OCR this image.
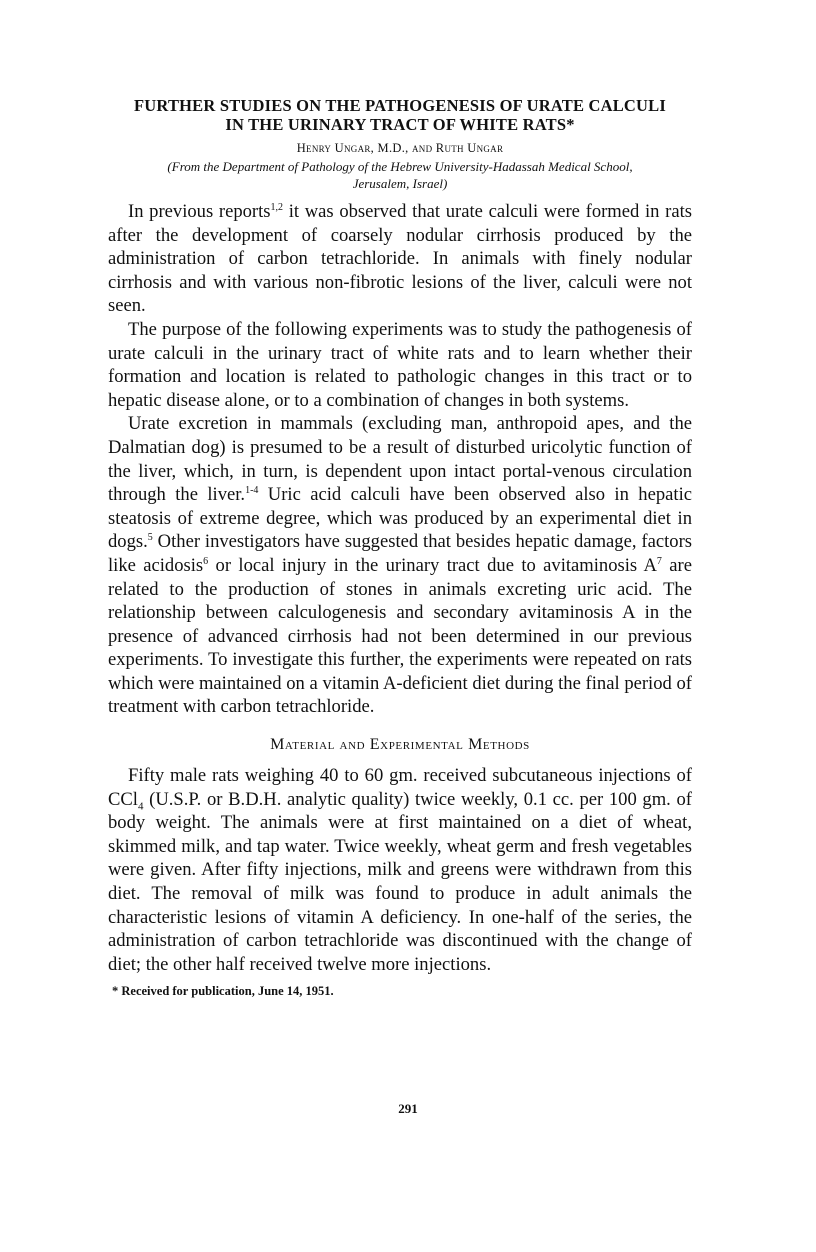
FURTHER STUDIES ON THE PATHOGENESIS OF URATE CALCULI
IN THE URINARY TRACT OF WHITE RATS*
Henry Ungar, M.D., and Ruth Ungar
(From the Department of Pathology of the Hebrew University-Hadassah Medical School,
Jerusalem, Israel)

In previous reports$^{1,2}$ it was observed that urate calculi were formed in rats after the development of coarsely nodular cirrhosis produced by the administration of carbon tetrachloride. In animals with finely nodular cirrhosis and with various non-fibrotic lesions of the liver, calculi were not seen.

The purpose of the following experiments was to study the pathogenesis of urate calculi in the urinary tract of white rats and to learn whether their formation and location is related to pathologic changes in this tract or to hepatic disease alone, or to a combination of changes in both systems.

Urate excretion in mammals (excluding man, anthropoid apes, and the Dalmatian dog) is presumed to be a result of disturbed uricolytic function of the liver, which, in turn, is dependent upon intact portal-venous circulation through the liver.$^{1-4}$ Uric acid calculi have been observed also in hepatic steatosis of extreme degree, which was produced by an experimental diet in dogs.$^5$ Other investigators have suggested that besides hepatic damage, factors like acidosis$^6$ or local injury in the urinary tract due to avitaminosis $A^7$ are related to the production of stones in animals excreting uric acid. The relationship between calculogenesis and secondary avitaminosis A in the presence of advanced cirrhosis had not been determined in our previous experiments. To investigate this further, the experiments were repeated on rats which were maintained on a vitamin A-deficient diet during the final period of treatment with carbon tetrachloride.

Material and Experimental Methods

Fifty male rats weighing 40 to 60 gm. received subcutaneous injections of CCl$_4$ (U.S.P. or B.D.H. analytic quality) twice weekly, 0.1 cc. per 100 gm. of body weight. The animals were at first maintained on a diet of wheat, skimmed milk, and tap water. Twice weekly, wheat germ and fresh vegetables were given. After fifty injections, milk and greens were withdrawn from this diet. The removal of milk was found to produce in adult animals the characteristic lesions of vitamin A deficiency. In one-half of the series, the administration of carbon tetrachloride was discontinued with the change of diet; the other half received twelve more injections.

* Received for publication, June 14, 1951.
291
